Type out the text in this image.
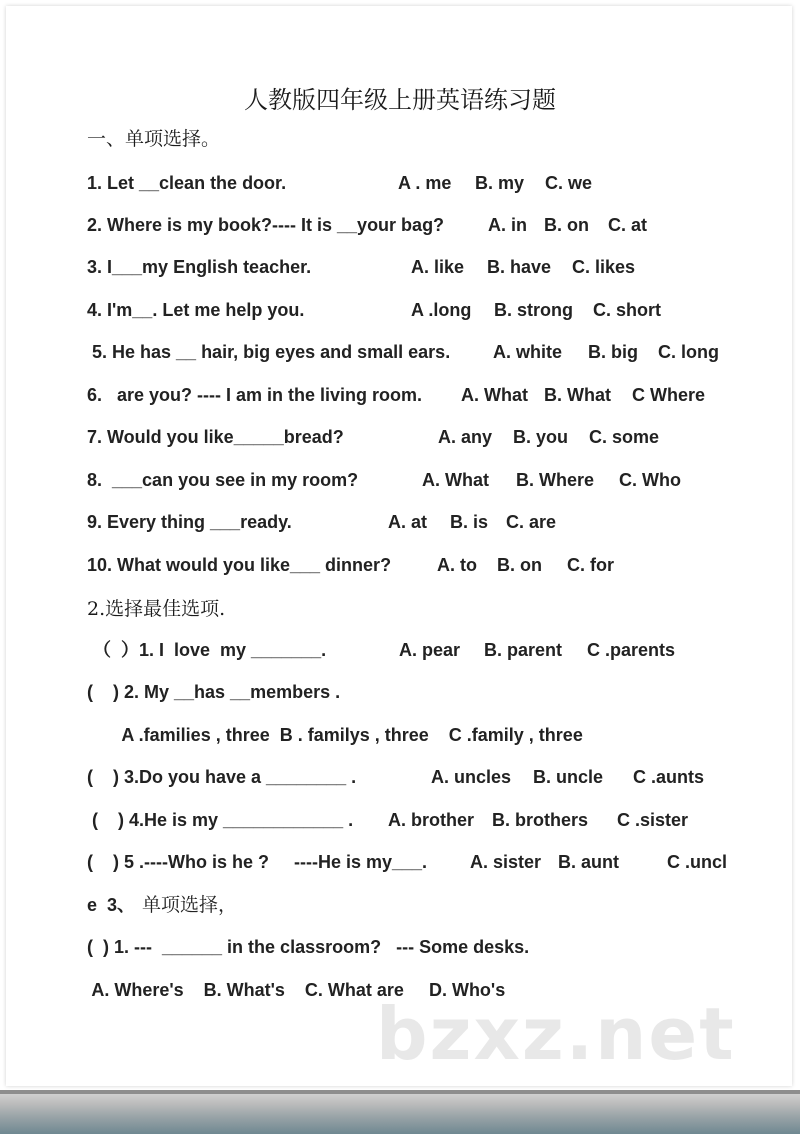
人教版四年级上册英语练习题
一、单项选择。

1. Let __clean the door.

	A . me

B. my

C. we

2. Where is my book?---- It is __your bag?

A. in

B. on

C. at

3. I___my English teacher.

	A. like

B. have

C. likes

4. I'm__. Let me help you.

	A .long

B. strong

C. short

5. He has __ hair, big eyes and small ears.

A. white

B. big

C. long

6.   are you? ---- I am in the living room.

A. What

B. What

C Where

7. Would you like_____bread?

	A. any

B. you

C. some

8.  ___can you see in my room?

	A. What

B. Where

C. Who

9. Every thing ___ready.

	A. at

B. is

C. are

10. What would you like___ dinner?

	A. to

B. on

C. for

2.选择最佳选项.

（  ）1. I  love  my _______.

	A. pear

B. parent

C .parents

(    ) 2. My __has __members .

A .families , three  B . familys , three    C .family , three

(    ) 3.Do you have a ________ .

	A. uncles

B. uncle

C .aunts

(    ) 4.He is my ____________ .

A. brother

B. brothers

C .sister

(    ) 5 .----Who is he ?     ----He is my___.

A. sister

B. aunt

	C .uncl

e  3、

单项选择，

(  ) 1. ---  ______ in the classroom?   --- Some desks.

A. Where's    B. What's    C. What are     D. Who's

bzxz.net
